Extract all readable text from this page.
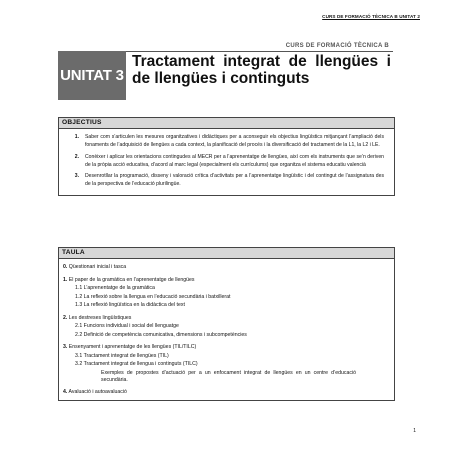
CURS DE FORMACIÓ TÈCNICA B UNITAT 2
CURS DE FORMACIÓ TÈCNICA B
UNITAT 3
Tractament integrat de llengües i de llengües i continguts
OBJECTIUS
1.	Saber com s’articulen les mesures organitzatives i didàctiques per a aconseguir els objectius lingüístics mitjançant l’ampliació dels fonaments de l’adquisició de llengües a cada context, la planificació del procés i la diversificació del tractament de la L1, la L2 i LE.
2.	Conèixer i aplicar les orientacions contingudes al MECR per a l’aprenentatge de llengües, així com els instruments que se’n deriven de la pròpia acció educativa, d’acord al marc legal (especialment els currículums) que organitza el sistema educatiu valencià
3.	Desenrotllar la programació, disseny i valoració crítica d’activitats per a l’aprenentatge lingüístic i del contingut de l’assignatura des de la perspectiva de l’educació plurilingüe.
TAULA
0. Qüestionari inicial i tasca
1. El paper de la gramàtica en l’aprenentatge de llengües
1.1 L’aprenentatge de la gramàtica
1.2 La reflexió sobre la llengua en l’educació secundària i batxillerat
1.3 La reflexió lingüística en la didàctica del text
2. Les destreses lingüístiques
2.1 Funcions individual i social del llenguatge
2.2 Definició de competència comunicativa, dimensions i subcompetències
3. Ensenyament i aprenentatge de les llengües (TIL/TILC)
3.1 Tractament integrat de llengües (TIL)
3.2 Tractament integrat de llengua i continguts (TILC)
Exemples de propostes d’actuació per a un enfocament integrat de llengües en un centre d’educació secundària.
4. Avaluació i autoavaluació
1
